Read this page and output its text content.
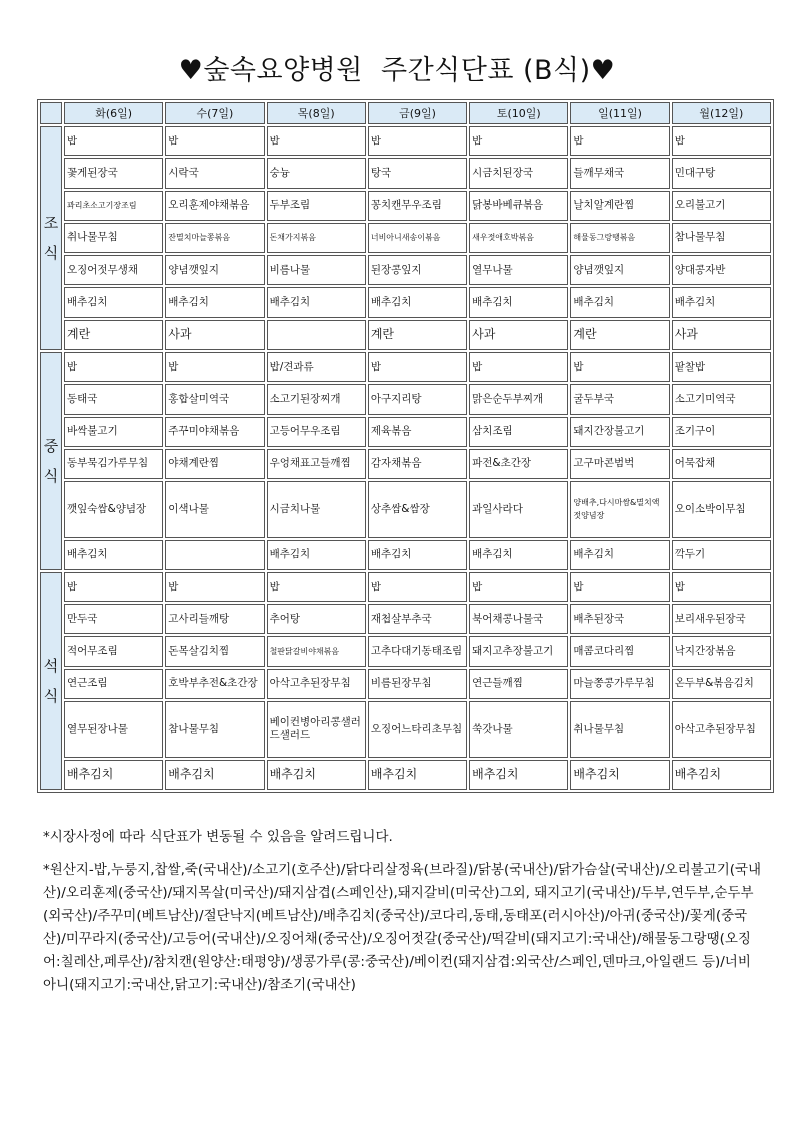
♥숲속요양병원  주간식단표 (B식)♥
	화(6일)	수(7일)	목(8일)	금(9일)	토(10일)	일(11일)	월(12일)

조
식	밥	밥	밥	밥	밥	밥	밥
	꽃게된장국	시락국	숭늉	탕국	시금치된장국	들깨무채국	민대구탕
	꽈리초소고기장조림	오리훈제야채볶음	두부조림	꽁치캔무우조림	닭봉바베큐볶음	날치알계란찜	오리불고기
	취나물무침	잔멸치마늘쫑볶음	돈채가지볶음	너비아니새송이볶음	새우젓애호박볶음	해물동그랑땡볶음	참나물무침
	오징어젓무생채	양념깻잎지	비름나물	된장콩잎지	열무나물	양념깻잎지	양대콩자반
	배추김치	배추김치	배추김치	배추김치	배추김치	배추김치	배추김치
	계란	사과		계란	사과	계란	사과

중
식	밥	밥	밥/견과류	밥	밥	밥	팥찰밥
	동태국	홍합살미역국	소고기된장찌개	아구지리탕	맑은순두부찌개	굴두부국	소고기미역국
	바싹불고기	주꾸미야채볶음	고등어무우조림	제육볶음	삼치조림	돼지간장불고기	조기구이
	동부묵김가루무침	야채계란찜	우엉채표고들깨찜	감자채볶음	파전&초간장	고구마콘범벅	어묵잡채
	깻잎숙쌈&양념장	이색나물	시금치나물	상추쌈&쌈장	과일사라다	양배추,다시마쌈&멸치액젓양념장	오이소박이무침
	배추김치		배추김치	배추김치	배추김치	배추김치	깍두기

석
식	밥	밥	밥	밥	밥	밥	밥
	만두국	고사리들깨탕	추어탕	재첩살부추국	북어채콩나물국	배추된장국	보리새우된장국
	적어무조림	돈목살김치찜	철판닭갈비야채볶음	고추다대기동태조림	돼지고추장불고기	매콤코다리찜	낙지간장볶음
	연근조림	호박부추전&초간장	아삭고추된장무침	비름된장무침	연근들깨찜	마늘쫑콩가루무침	온두부&볶음김치
	열무된장나물	참나물무침	베이컨병아리콩샐러드샐러드	오징어느타리초무침	쑥갓나물	취나물무침	아삭고추된장무침
	배추김치	배추김치	배추김치	배추김치	배추김치	배추김치	배추김치

*시장사정에 따라 식단표가 변동될 수 있음을 알려드립니다.

*원산지-밥,누룽지,찹쌀,죽(국내산)/소고기(호주산)/닭다리살정육(브라질)/닭봉(국내산)/닭가슴살(국내산)/오리불고기(국내산)/오리훈제(중국산)/돼지목살(미국산)/돼지삼겹(스페인산),돼지갈비(미국산)그외, 돼지고기(국내산)/두부,연두부,순두부(외국산)/주꾸미(베트남산)/절단낙지(베트남산)/배추김치(중국산)/코다리,동태,동태포(러시아산)/아귀(중국산)/꽃게(중국산)/미꾸라지(중국산)/고등어(국내산)/오징어채(중국산)/오징어젓갈(중국산)/떡갈비(돼지고기:국내산)/해물동그랑땡(오징어:칠레산,페루산)/참치캔(원양산:태평양)/생콩가루(콩:중국산)/베이컨(돼지삼겹:외국산/스페인,덴마크,아일랜드 등)/너비아니(돼지고기:국내산,닭고기:국내산)/참조기(국내산)
